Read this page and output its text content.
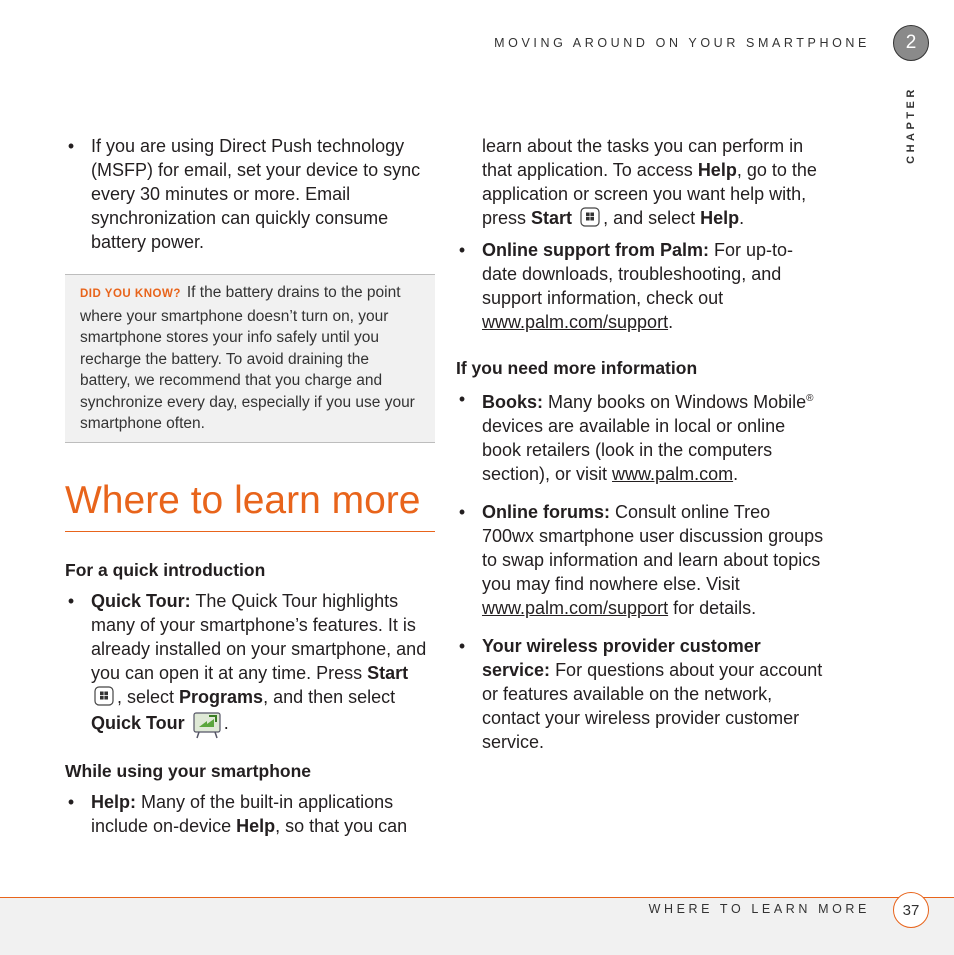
MOVING AROUND ON YOUR SMARTPHONE	2
CHAPTER
• If you are using Direct Push technology (MSFP) for email, set your device to sync every 30 minutes or more. Email synchronization can quickly consume battery power.
DID YOU KNOW? If the battery drains to the point where your smartphone doesn’t turn on, your smartphone stores your info safely until you recharge the battery. To avoid draining the battery, we recommend that you charge and synchronize every day, especially if you use your smartphone often.
Where to learn more
For a quick introduction
• Quick Tour: The Quick Tour highlights many of your smartphone’s features. It is already installed on your smartphone, and you can open it at any time. Press Start , select Programs, and then select Quick Tour .
While using your smartphone
• Help: Many of the built-in applications include on-device Help, so that you can
learn about the tasks you can perform in that application. To access Help, go to the application or screen you want help with, press Start , and select Help.
• Online support from Palm: For up-to-date downloads, troubleshooting, and support information, check out www.palm.com/support.
If you need more information
• Books: Many books on Windows Mobile® devices are available in local or online book retailers (look in the computers section), or visit www.palm.com.
• Online forums: Consult online Treo 700wx smartphone user discussion groups to swap information and learn about topics you may find nowhere else. Visit www.palm.com/support for details.
• Your wireless provider customer service: For questions about your account or features available on the network, contact your wireless provider customer service.
WHERE TO LEARN MORE	37
